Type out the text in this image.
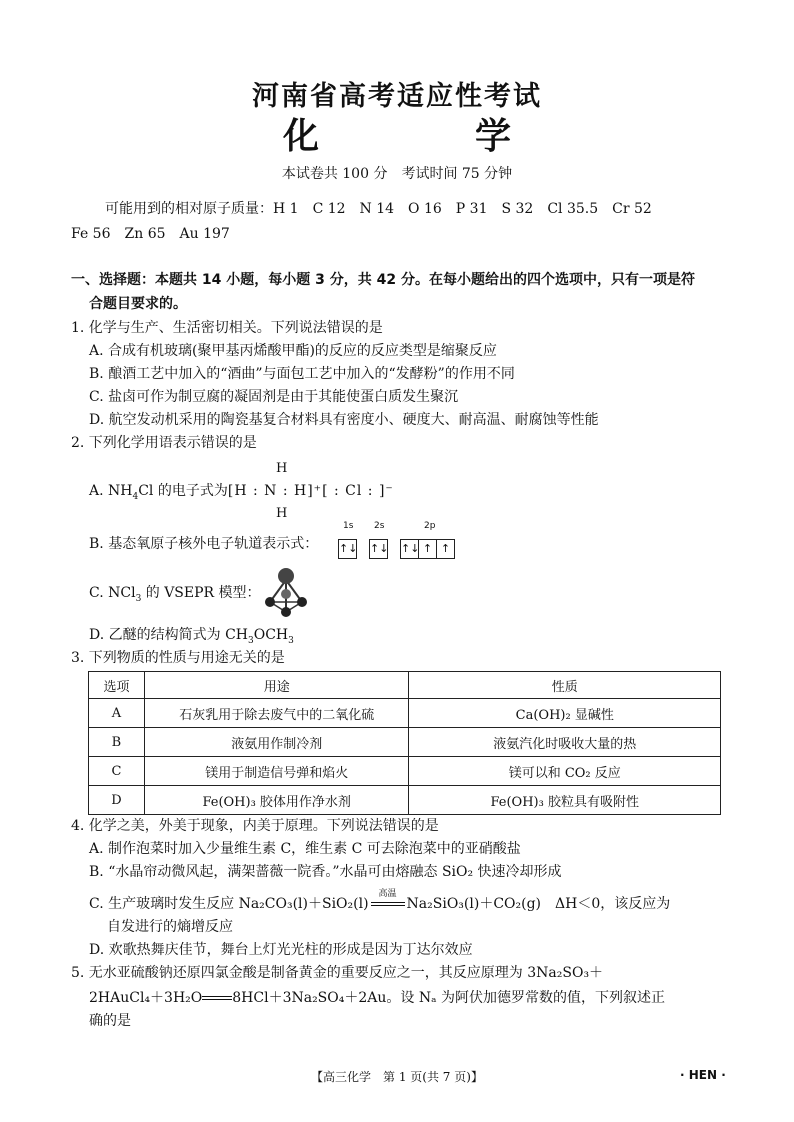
河南省高考适应性考试
化　学
本试卷共 100 分　考试时间 75 分钟
可能用到的相对原子质量：H 1　C 12　N 14　O 16　P 31　S 32　Cl 35.5　Cr 52
Fe 56　Zn 65　Au 197
一、选择题：本题共 14 小题，每小题 3 分，共 42 分。在每小题给出的四个选项中，只有一项是符
合题目要求的。
1. 化学与生产、生活密切相关。下列说法错误的是
A. 合成有机玻璃(聚甲基丙烯酸甲酯)的反应的反应类型是缩聚反应
B. 酿酒工艺中加入的“酒曲”与面包工艺中加入的“发酵粉”的作用不同
C. 盐卤可作为制豆腐的凝固剂是由于其能使蛋白质发生聚沉
D. 航空发动机采用的陶瓷基复合材料具有密度小、硬度大、耐高温、耐腐蚀等性能
2. 下列化学用语表示错误的是
A. $NH_4Cl$ 的电子式为[H : N : H]⁺[ : Cl : ]⁻
H
H
B. 基态氧原子核外电子轨道表示式：
1s
↑↓
2s
↑↓
2p
↑↓ ↑ ↑
C. NCl$_3$ 的 VSEPR 模型：
D. 乙醚的结构简式为 $CH_3OCH_3$
3. 下列物质的性质与用途无关的是
选项	用途	性质
A	石灰乳用于除去废气中的二氧化硫	Ca(OH)₂ 显碱性
B	液氨用作制冷剂	液氨汽化时吸收大量的热
C	镁用于制造信号弹和焰火	镁可以和 CO₂ 反应
D	Fe(OH)₃ 胶体用作净水剂	Fe(OH)₃ 胶粒具有吸附性
4. 化学之美，外美于现象，内美于原理。下列说法错误的是
A. 制作泡菜时加入少量维生素 C，维生素 C 可去除泡菜中的亚硝酸盐
B. “水晶帘动微风起，满架蔷薇一院香。”水晶可由熔融态 SiO₂ 快速冷却形成
C. 生产玻璃时发生反应 Na₂CO₃(l)＋SiO₂(l)
高温
Na₂SiO₃(l)＋CO₂(g)　ΔH＜0，该反应为
自发进行的熵增反应
D. 欢歌热舞庆佳节，舞台上灯光光柱的形成是因为丁达尔效应
5. 无水亚硫酸钠还原四氯金酸是制备黄金的重要反应之一，其反应原理为 3Na₂SO₃＋
2HAuCl₄＋3H₂O 8HCl＋3Na₂SO₄＋2Au。设 Nₐ 为阿伏加德罗常数的值，下列叙述正
确的是
【高三化学　第 1 页(共 7 页)】	· HEN ·
